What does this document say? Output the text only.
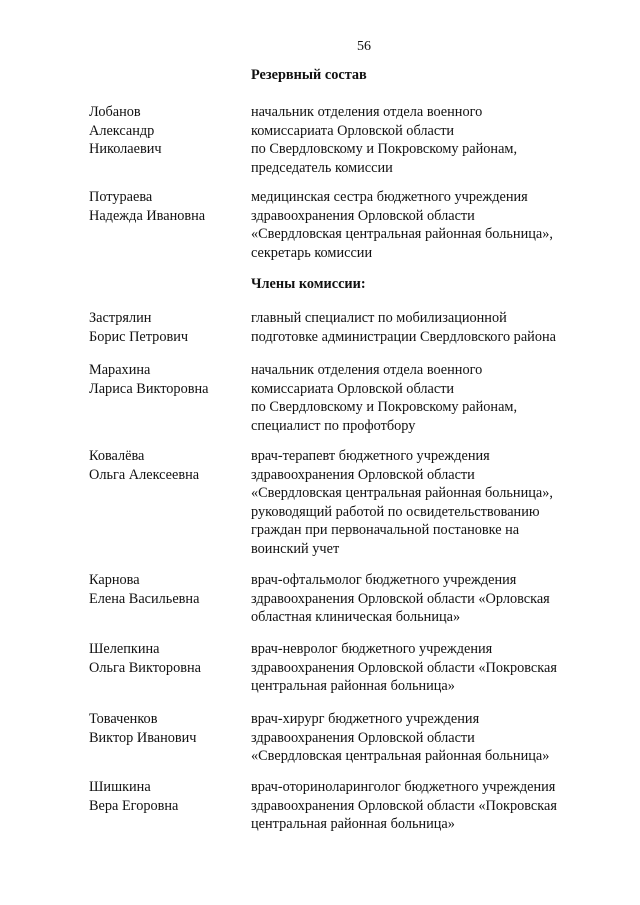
56
Резервный состав
Лобанов
Александр
Николаевич
начальник отделения отдела военного
комиссариата Орловской области
по Свердловскому и Покровскому районам,
председатель комиссии
Потураева
Надежда Ивановна
медицинская сестра бюджетного учреждения
здравоохранения Орловской области
«Свердловская центральная районная больница»,
секретарь комиссии
Члены комиссии:
Застрялин
Борис Петрович
главный специалист по мобилизационной
подготовке администрации Свердловского района
Марахина
Лариса Викторовна
начальник отделения отдела военного
комиссариата Орловской области
по Свердловскому и Покровскому районам,
специалист по профотбору
Ковалёва
Ольга Алексеевна
врач-терапевт бюджетного учреждения
здравоохранения Орловской области
«Свердловская центральная районная больница»,
руководящий работой по освидетельствованию
граждан при первоначальной постановке на
воинский учет
Карнова
Елена Васильевна
врач-офтальмолог бюджетного учреждения
здравоохранения Орловской области «Орловская
областная клиническая больница»
Шелепкина
Ольга Викторовна
врач-невролог бюджетного учреждения
здравоохранения Орловской области «Покровская
центральная районная больница»
Товаченков
Виктор Иванович
врач-хирург бюджетного учреждения
здравоохранения Орловской области
«Свердловская центральная районная больница»
Шишкина
Вера Егоровна
врач-оториноларинголог бюджетного учреждения
здравоохранения Орловской области «Покровская
центральная районная больница»
